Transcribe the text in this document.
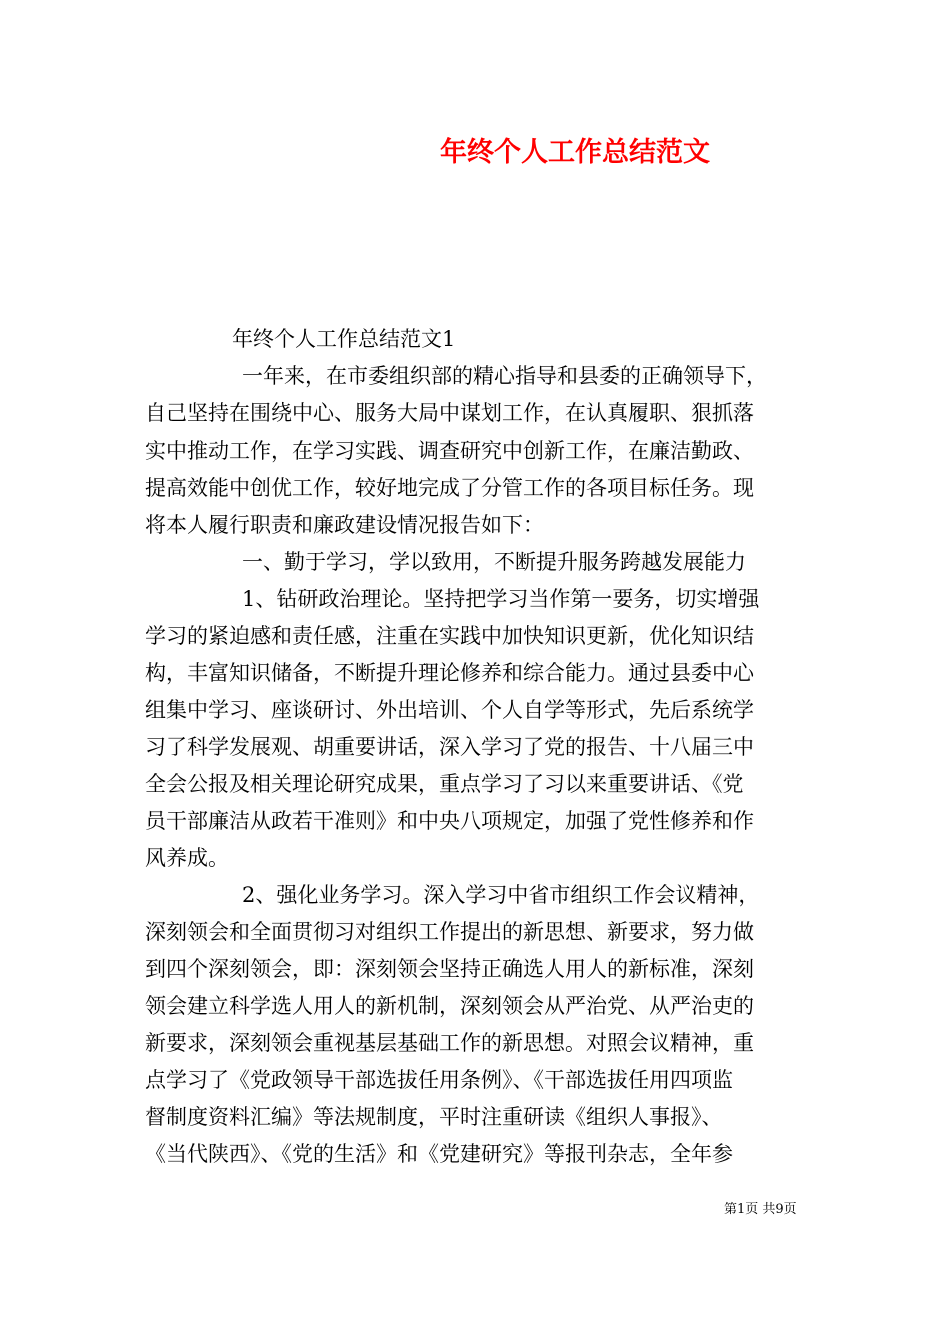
年终个人工作总结范文
年终个人工作总结范文1
一年来，在市委组织部的精心指导和县委的正确领导下，
自己坚持在围绕中心、服务大局中谋划工作，在认真履职、狠抓落
实中推动工作，在学习实践、调查研究中创新工作，在廉洁勤政、
提高效能中创优工作，较好地完成了分管工作的各项目标任务。现
将本人履行职责和廉政建设情况报告如下：
一、勤于学习，学以致用，不断提升服务跨越发展能力
1、钻研政治理论。坚持把学习当作第一要务，切实增强
学习的紧迫感和责任感，注重在实践中加快知识更新，优化知识结
构，丰富知识储备，不断提升理论修养和综合能力。通过县委中心
组集中学习、座谈研讨、外出培训、个人自学等形式，先后系统学
习了科学发展观、胡重要讲话，深入学习了党的报告、十八届三中
全会公报及相关理论研究成果，重点学习了习以来重要讲话、《党
员干部廉洁从政若干准则》和中央八项规定，加强了党性修养和作
风养成。
2、强化业务学习。深入学习中省市组织工作会议精神，
深刻领会和全面贯彻习对组织工作提出的新思想、新要求，努力做
到四个深刻领会，即：深刻领会坚持正确选人用人的新标准，深刻
领会建立科学选人用人的新机制，深刻领会从严治党、从严治吏的
新要求，深刻领会重视基层基础工作的新思想。对照会议精神，重
点学习了《党政领导干部选拔任用条例》、《干部选拔任用四项监
督制度资料汇编》等法规制度，平时注重研读《组织人事报》、
《当代陕西》、《党的生活》和《党建研究》等报刊杂志，全年参
第1页 共9页
